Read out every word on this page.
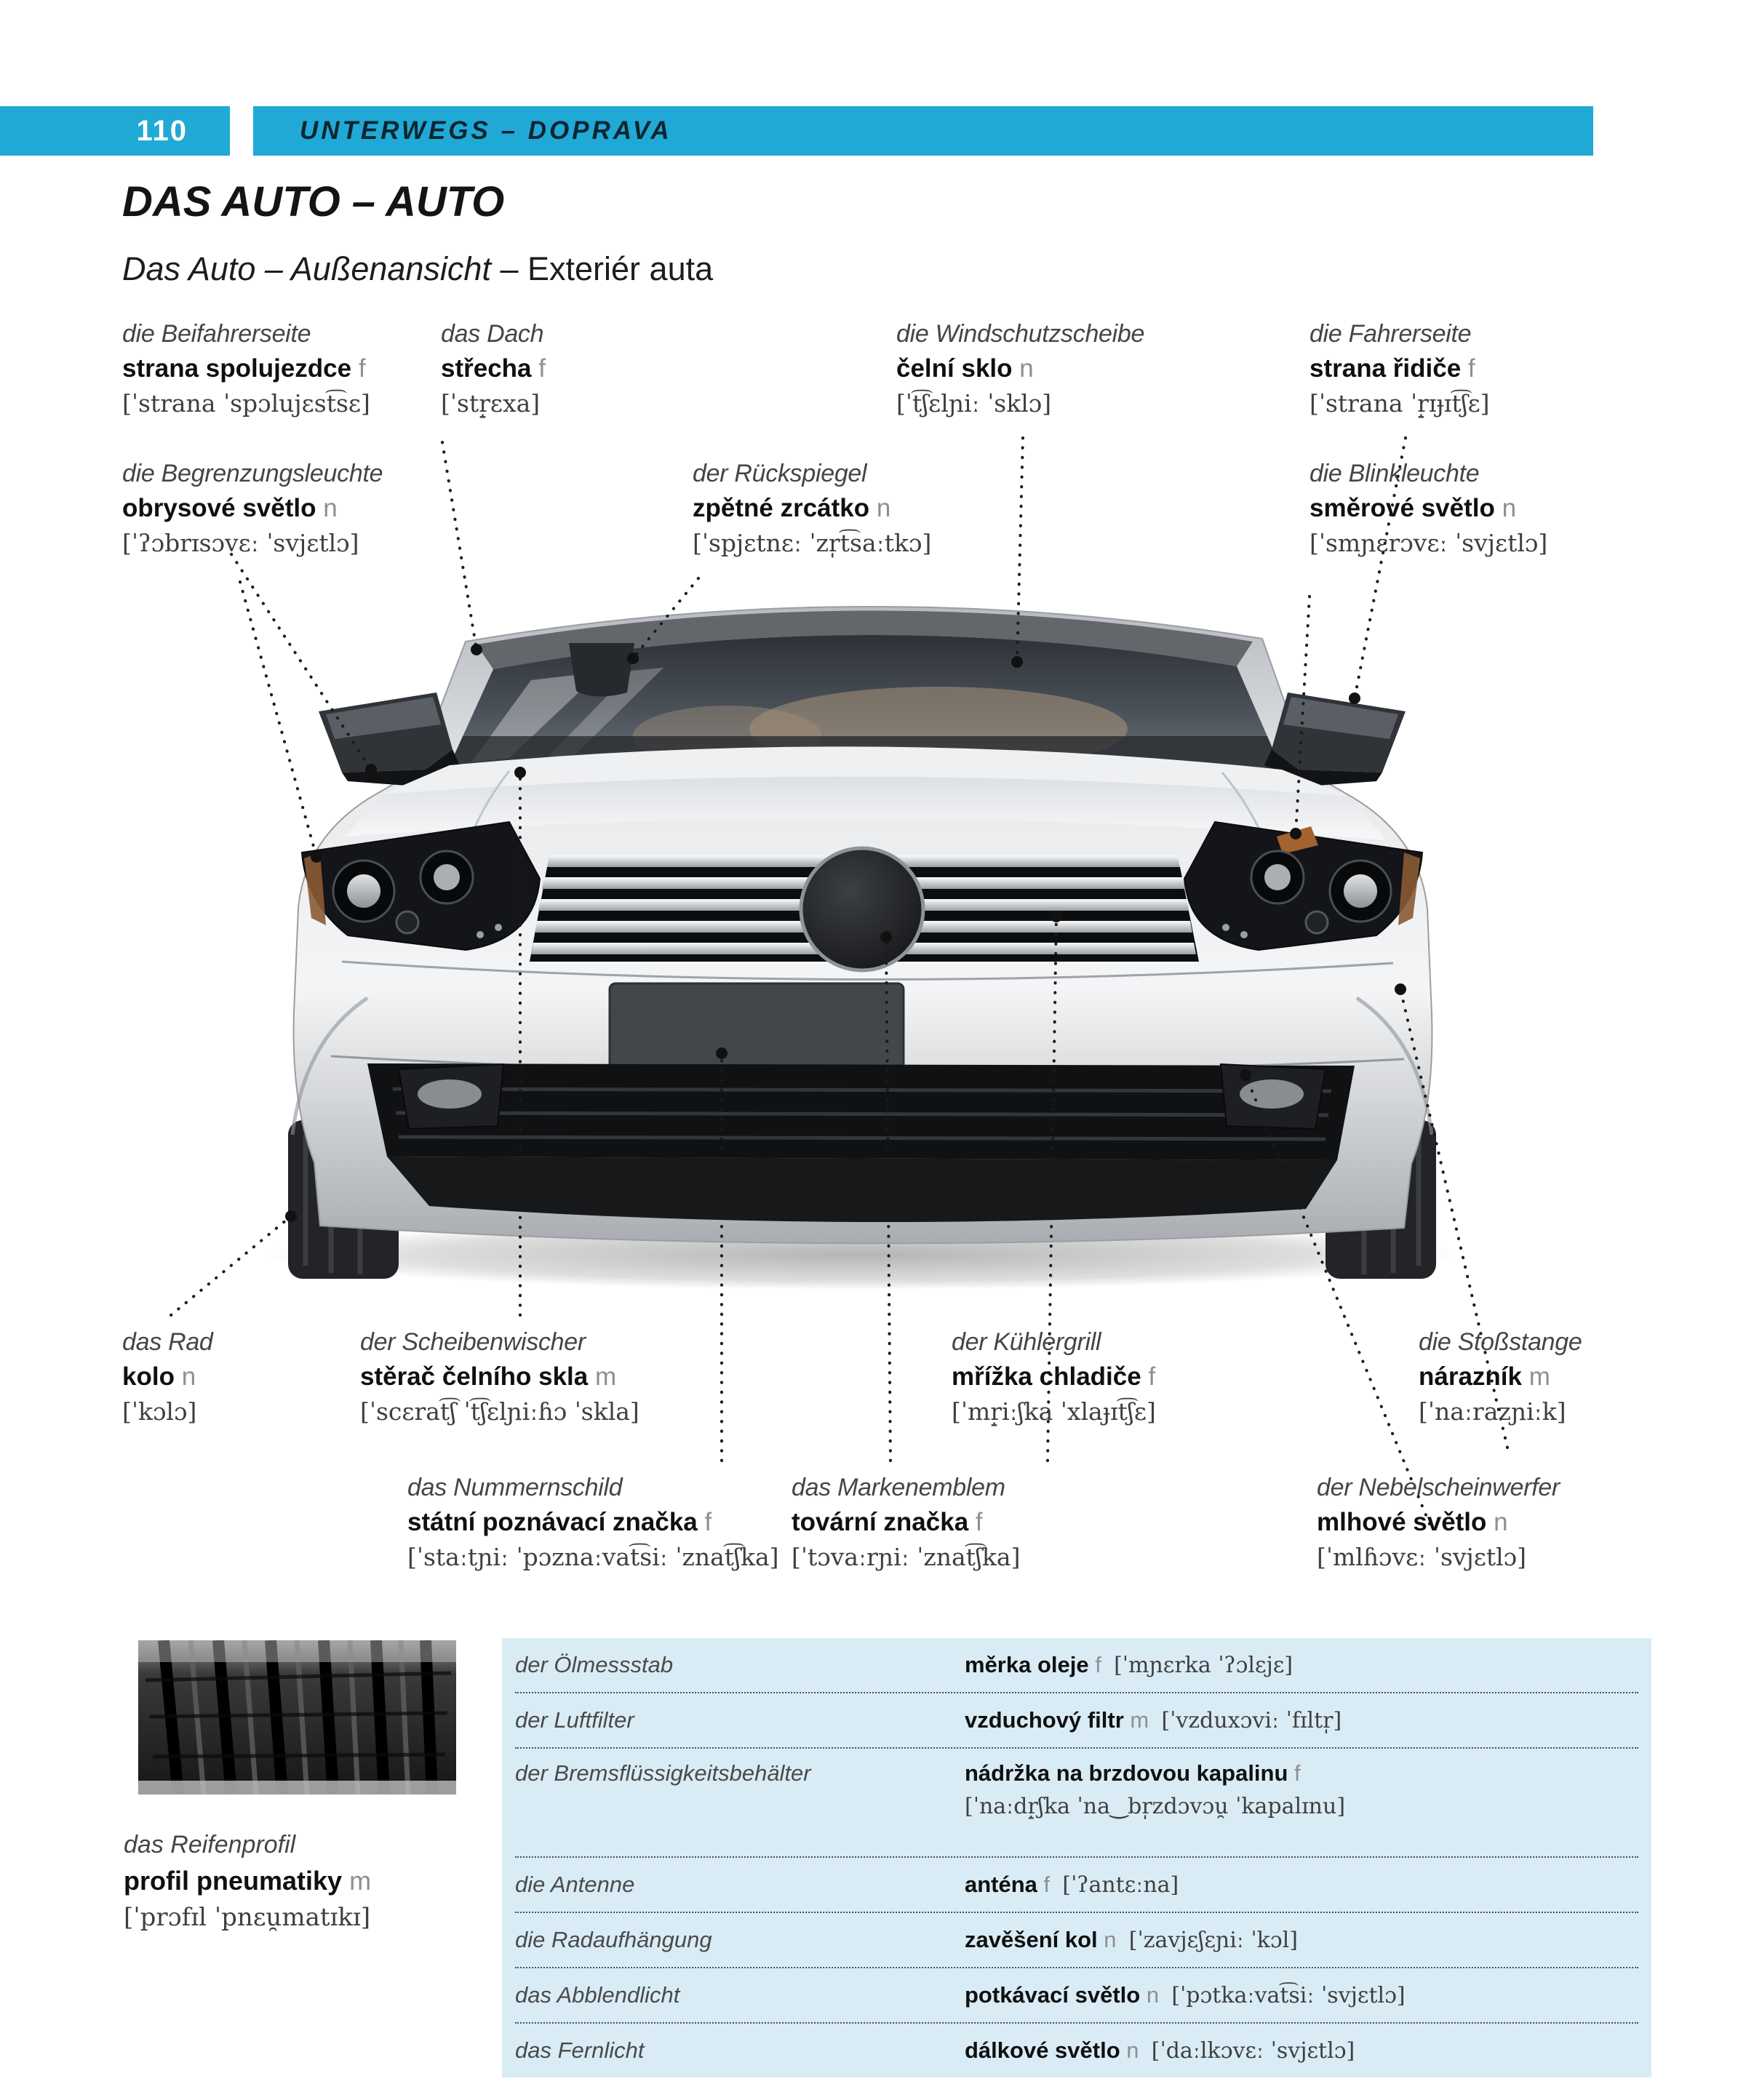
110	UNTERWEGS – DOPRAVA
DAS AUTO – AUTO
Das Auto – Außenansicht – Exteriér auta
die Beifahrerseite
strana spolujezdce f
[ˈstrana ˈspɔlujɛst͡sɛ]
das Dach
střecha f
[ˈstr̝ɛxa]
die Windschutzscheibe
čelní sklo n
[ˈt͡ʃɛlɲiː ˈsklɔ]
die Fahrerseite
strana řidiče f
[ˈstrana ˈr̝ɪɟɪt͡ʃɛ]
die Begrenzungsleuchte
obrysové světlo n
[ˈʔɔbrɪsɔvɛː ˈsvjɛtlɔ]
der Rückspiegel
zpětné zrcátko n
[ˈspjɛtnɛː ˈzr̩t͡saːtkɔ]
die Blinkleuchte
směrové světlo n
[ˈsmɲɛrɔvɛː ˈsvjɛtlɔ]
das Rad
kolo n
[ˈkɔlɔ]
der Scheibenwischer
stěrač čelního skla m
[ˈscɛrat͡ʃ ˈt͡ʃɛlɲiːɦɔ ˈskla]
der Kühlergrill
mřížka chladiče f
[ˈmr̝iːʃka ˈxlaɟɪt͡ʃɛ]
die Stoßstange
nárazník m
[ˈnaːrazɲiːk]
das Nummernschild
státní poznávací značka f
[ˈstaːtɲiː ˈpɔznaːvat͡siː ˈznat͡ʃka]
das Markenemblem
tovární značka f
[ˈtɔvaːrɲiː ˈznat͡ʃka]
der Nebelscheinwerfer
mlhové světlo n
[ˈmlɦɔvɛː ˈsvjɛtlɔ]
das Reifenprofil
profil pneumatiky m
[ˈprɔfɪl ˈpnɛu̯matɪkɪ]
der Ölmessstab	měrka oleje f [ˈmɲɛrka ˈʔɔlɛjɛ]
der Luftfilter	vzduchový filtr m [ˈvzduxɔviː ˈfɪltr̩]
der Bremsflüssigkeitsbehälter	nádržka na brzdovou kapalinu f
[ˈnaːdr̝ʃka ˈna‿br̩zdɔvɔu̯ ˈkapalɪnu]
die Antenne	anténa f [ˈʔantɛːna]
die Radaufhängung	zavěšení kol n [ˈzavjɛʃɛɲiː ˈkɔl]
das Abblendlicht	potkávací světlo n [ˈpɔtkaːvat͡siː ˈsvjɛtlɔ]
das Fernlicht	dálkové světlo n [ˈdaːlkɔvɛː ˈsvjɛtlɔ]
